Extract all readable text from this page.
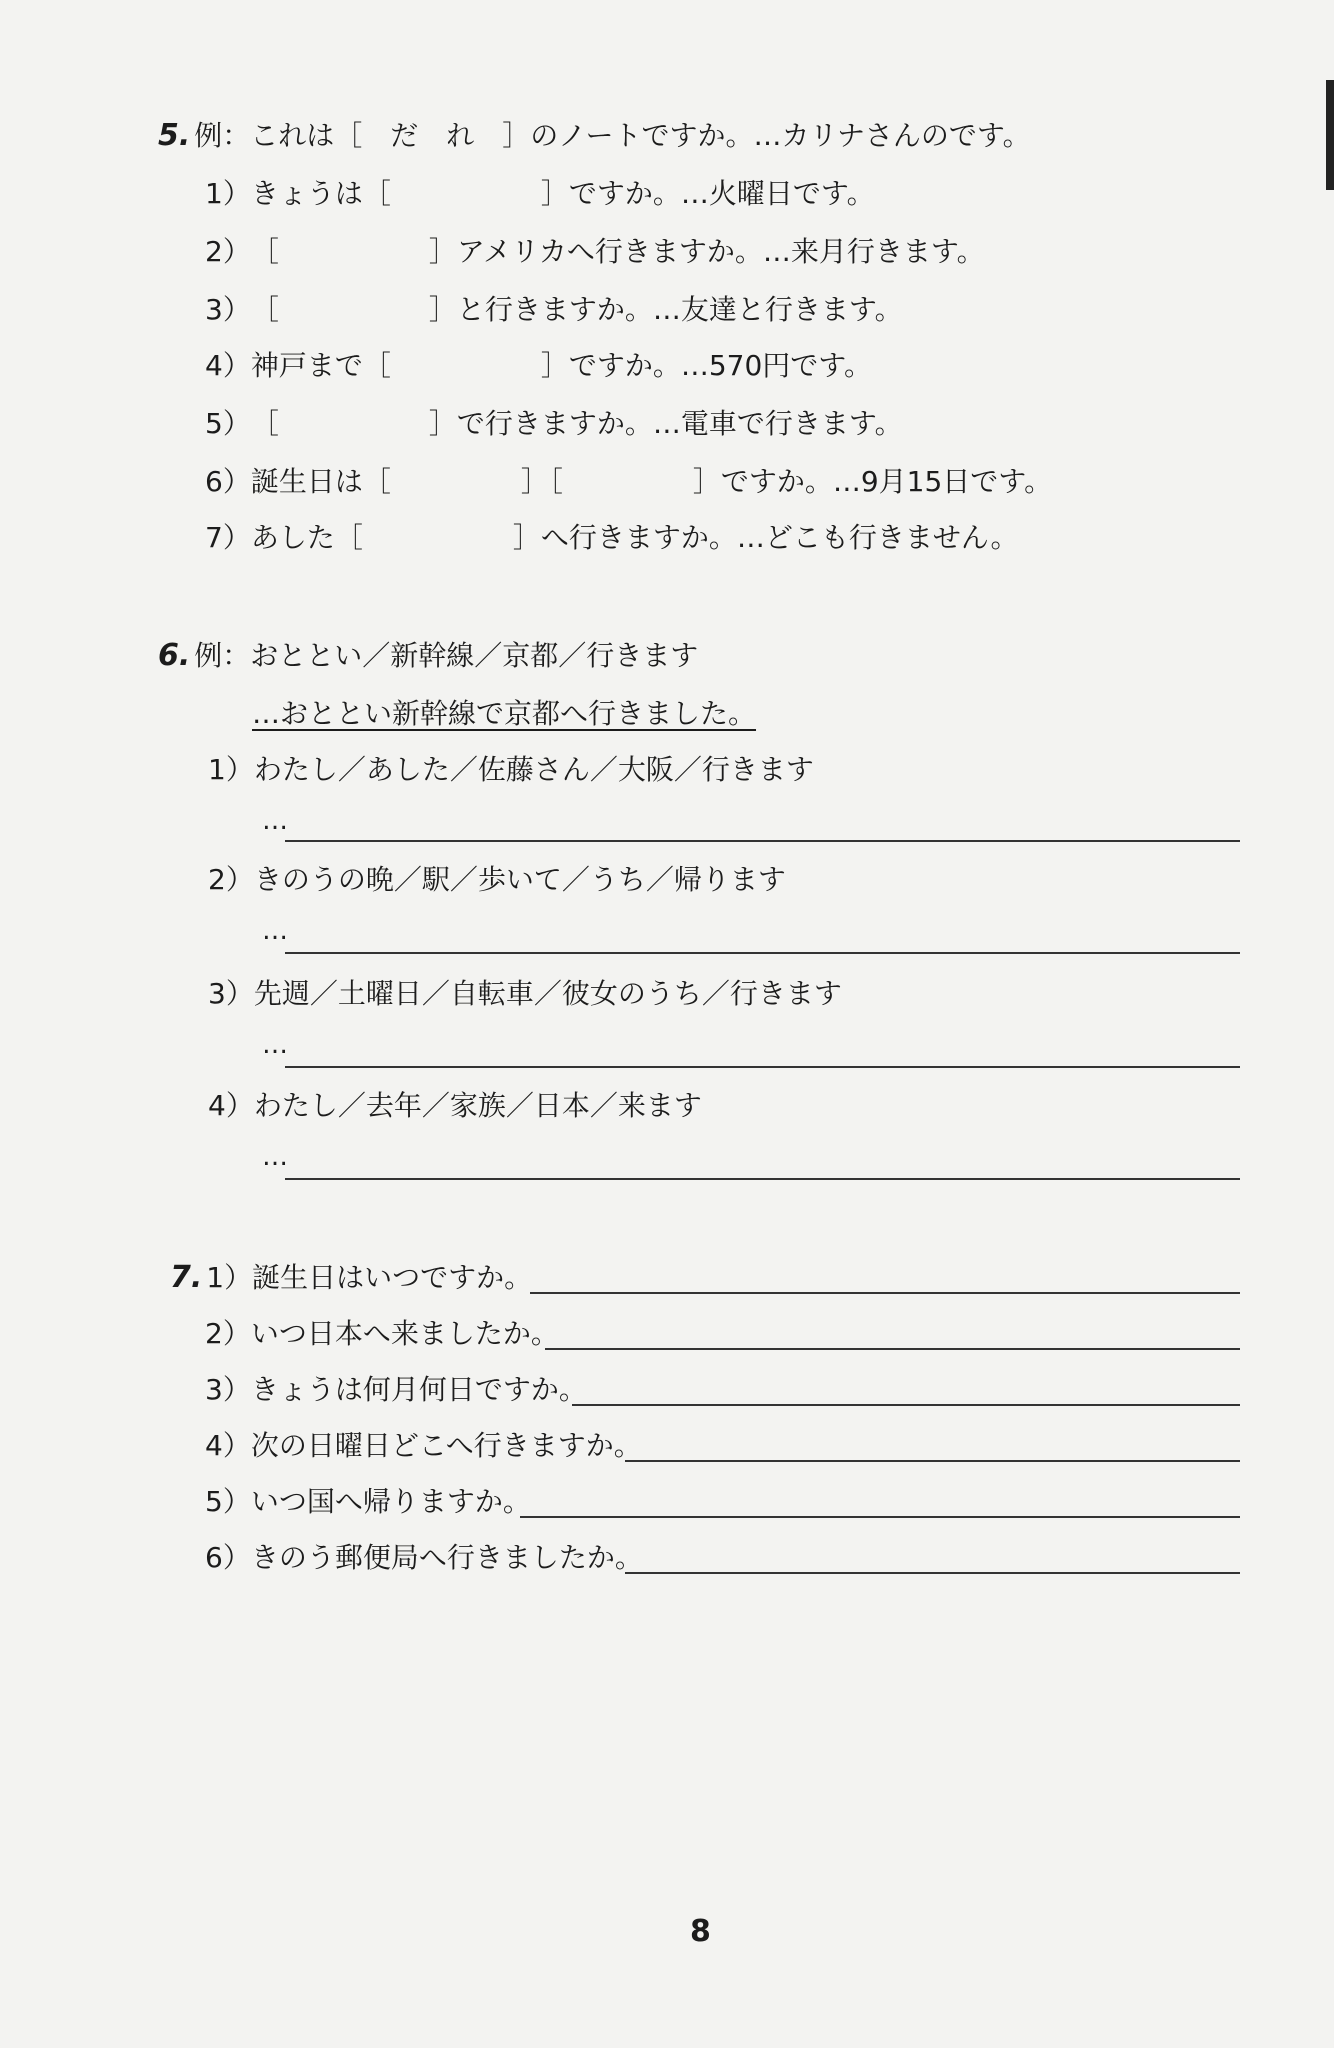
5. 例： これは［　だ　れ　］のノートですか。…カリナさんのです。
1） きょうは［	］ですか。…火曜日です。
2） ［	］アメリカへ行きますか。…来月行きます。
3） ［	］と行きますか。…友達と行きます。
4） 神戸まで［	］ですか。…570円です。
5） ［	］で行きますか。…電車で行きます。
6） 誕生日は［	］［	］ですか。…9月15日です。
7） あした［	］へ行きますか。…どこも行きません。
6. 例： おととい／新幹線／京都／行きます
…おととい新幹線で京都へ行きました。
1） わたし／あした／佐藤さん／大阪／行きます
…
2） きのうの晩／駅／歩いて／うち／帰ります
…
3） 先週／土曜日／自転車／彼女のうち／行きます
…
4） わたし／去年／家族／日本／来ます
…
7. 1） 誕生日はいつですか。
2） いつ日本へ来ましたか。
3） きょうは何月何日ですか。
4） 次の日曜日どこへ行きますか。
5） いつ国へ帰りますか。
6） きのう郵便局へ行きましたか。
8
